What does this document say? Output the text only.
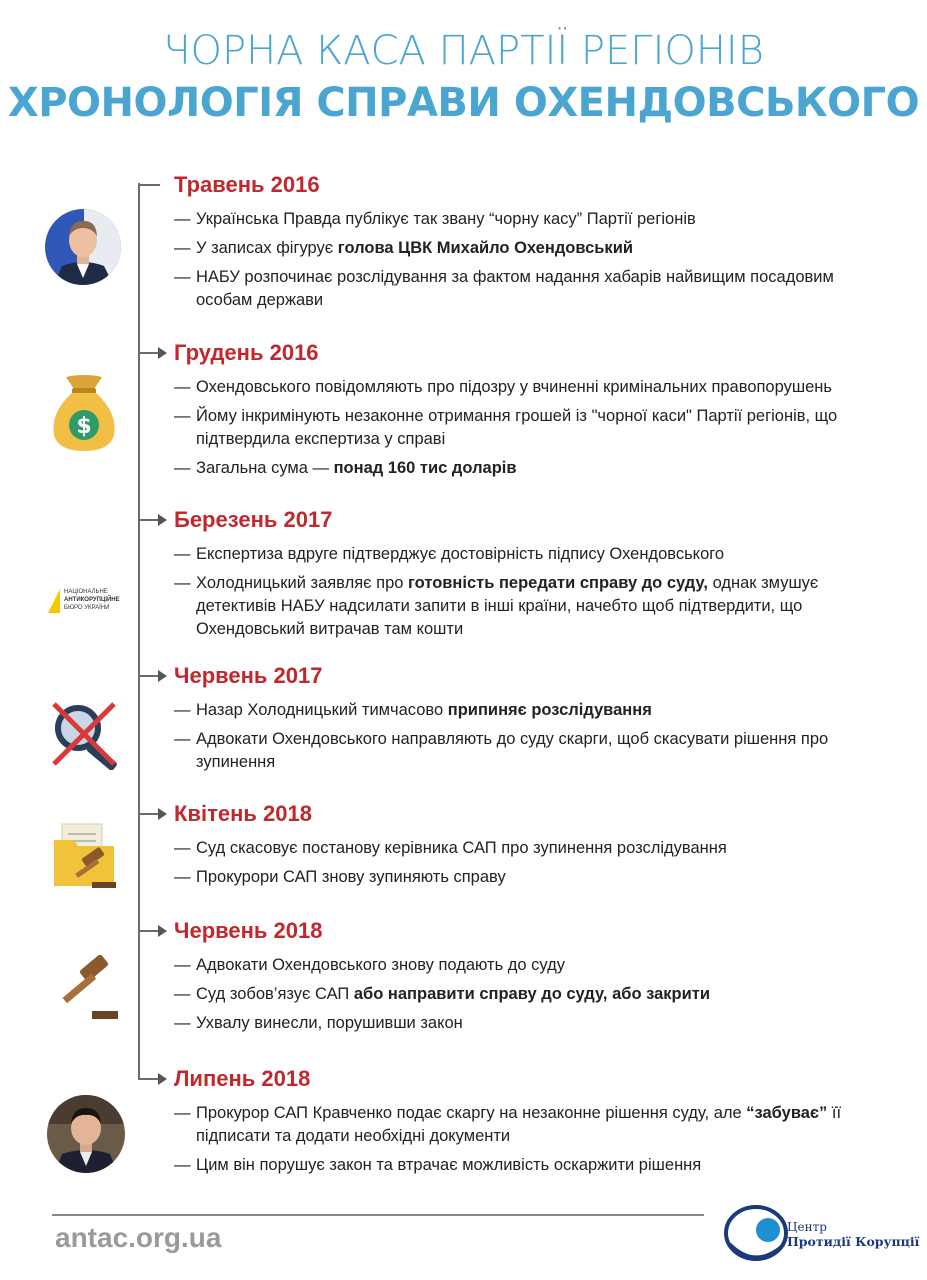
ЧОРНА КАСА ПАРТІЇ РЕГІОНІВ
ХРОНОЛОГІЯ СПРАВИ ОХЕНДОВСЬКОГО
Травень 2016
— Українська Правда публікує так звану “чорну касу” Партії регіонів
— У записах фігурує голова ЦВК Михайло Охендовський
— НАБУ розпочинає розслідування за фактом надання хабарів найвищим посадовим особам держави
Грудень 2016
— Охендовського повідомляють про підозру у вчиненні кримінальних правопорушень
— Йому інкримінують незаконне отримання грошей із "чорної каси" Партії регіонів, що підтвердила експертиза у справі
— Загальна сума — понад 160 тис доларів
Березень 2017
— Експертиза вдруге підтверджує достовірність підпису Охендовського
— Холодницький заявляє про готовність передати справу до суду, однак змушує детективів НАБУ надсилати запити в інші країни, начебто щоб підтвердити, що Охендовський витрачав там кошти
Червень 2017
— Назар Холодницький тимчасово припиняє розслідування
— Адвокати Охендовського направляють до суду скарги, щоб скасувати рішення про зупинення
Квітень 2018
— Суд скасовує постанову керівника САП про зупинення розслідування
— Прокурори САП знову зупиняють справу
Червень 2018
— Адвокати Охендовського знову подають до суду
— Суд зобов’язує САП або направити справу до суду, або закрити
— Ухвалу винесли, порушивши закон
Липень 2018
— Прокурор САП Кравченко подає скаргу на незаконне рішення суду, але “забуває” її підписати та додати необхідні документи
— Цим він порушує закон та втрачає можливість оскаржити рішення
$
НАЦІОНАЛЬНЕ
АНТИКОРУПЦІЙНЕ
БЮРО УКРАЇНИ
antac.org.ua	Центр
Протидії Корупції
